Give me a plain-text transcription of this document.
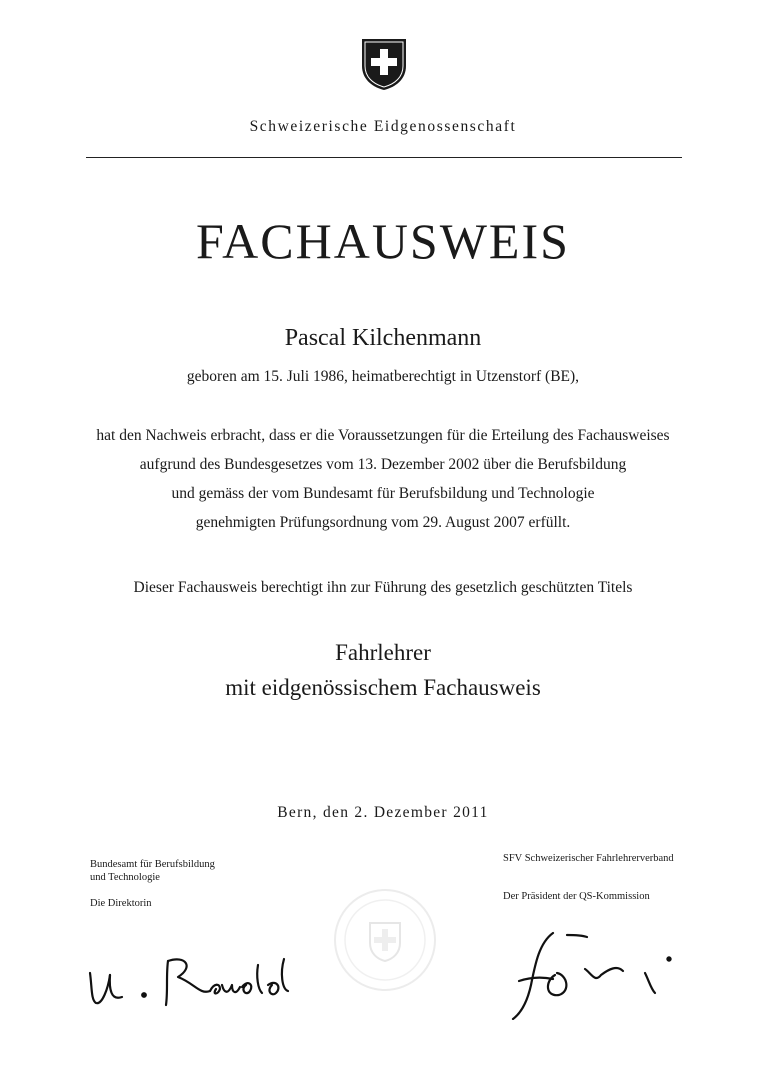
Schweizerische Eidgenossenschaft
FACHAUSWEIS
Pascal Kilchenmann
geboren am 15. Juli 1986, heimatberechtigt in Utzenstorf (BE),
hat den Nachweis erbracht, dass er die Voraussetzungen für die Erteilung des Fachausweises
aufgrund des Bundesgesetzes vom 13. Dezember 2002 über die Berufsbildung
und gemäss der vom Bundesamt für Berufsbildung und Technologie
genehmigten Prüfungsordnung vom 29. August 2007 erfüllt.
Dieser Fachausweis berechtigt ihn zur Führung des gesetzlich geschützten Titels
Fahrlehrer
mit eidgenössischem Fachausweis
Bern, den 2. Dezember 2011
Bundesamt für Berufsbildung
und Technologie
Die Direktorin
SFV Schweizerischer Fahrlehrerverband
Der Präsident der QS-Kommission
